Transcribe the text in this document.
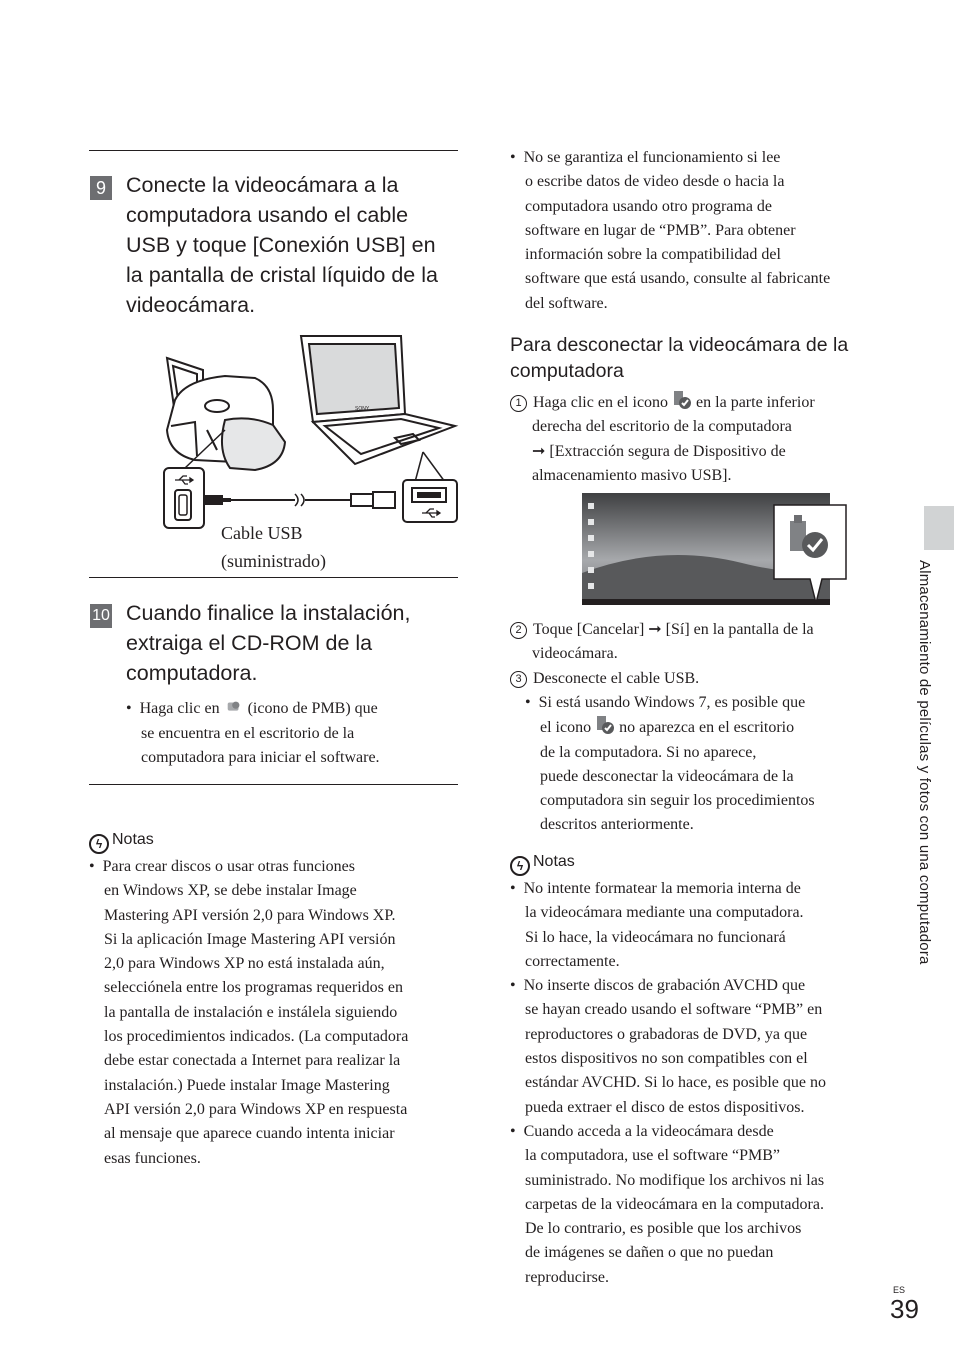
9 Conecte la videocámara a la
computadora usando el cable
USB y toque [Conexión USB] en
la pantalla de cristal líquido de la
videocámara.
SONY
Cable USB
(suministrado)
10 Cuando finalice la instalación,
extraiga el CD-ROM de la
computadora.
•  Haga clic en (icono de PMB) que
se encuentra en el escritorio de la
computadora para iniciar el software.
ϟ Notas
•  Para crear discos o usar otras funciones
en Windows XP, se debe instalar Image
Mastering API versión 2,0 para Windows XP.
Si la aplicación Image Mastering API versión
2,0 para Windows XP no está instalada aún,
selecciónela entre los programas requeridos en
la pantalla de instalación e instálela siguiendo
los procedimientos indicados. (La computadora
debe estar conectada a Internet para realizar la
instalación.) Puede instalar Image Mastering
API versión 2,0 para Windows XP en respuesta
al mensaje que aparece cuando intenta iniciar
esas funciones.
•  No se garantiza el funcionamiento si lee
o escribe datos de video desde o hacia la
computadora usando otro programa de
software en lugar de “PMB”. Para obtener
información sobre la compatibilidad del
software que está usando, consulte al fabricante
del software.
Para desconectar la videocámara de la
computadora
1 Haga clic en el icono en la parte inferior
derecha del escritorio de la computadora
➞ [Extracción segura de Dispositivo de
almacenamiento masivo USB].
2 Toque [Cancelar] ➞ [Sí] en la pantalla de la
videocámara.
3 Desconecte el cable USB.
•  Si está usando Windows 7, es posible que
el icono no aparezca en el escritorio
de la computadora. Si no aparece,
puede desconectar la videocámara de la
computadora sin seguir los procedimientos
descritos anteriormente.
ϟ Notas
•  No intente formatear la memoria interna de
la videocámara mediante una computadora.
Si lo hace, la videocámara no funcionará
correctamente.
•  No inserte discos de grabación AVCHD que
se hayan creado usando el software “PMB” en
reproductores o grabadoras de DVD, ya que
estos dispositivos no son compatibles con el
estándar AVCHD. Si lo hace, es posible que no
pueda extraer el disco de estos dispositivos.
•  Cuando acceda a la videocámara desde
la computadora, use el software “PMB”
suministrado. No modifique los archivos ni las
carpetas de la videocámara en la computadora.
De lo contrario, es posible que los archivos
de imágenes se dañen o que no puedan
reproducirse.
Almacenamiento de películas y fotos con una computadora
ES
39
